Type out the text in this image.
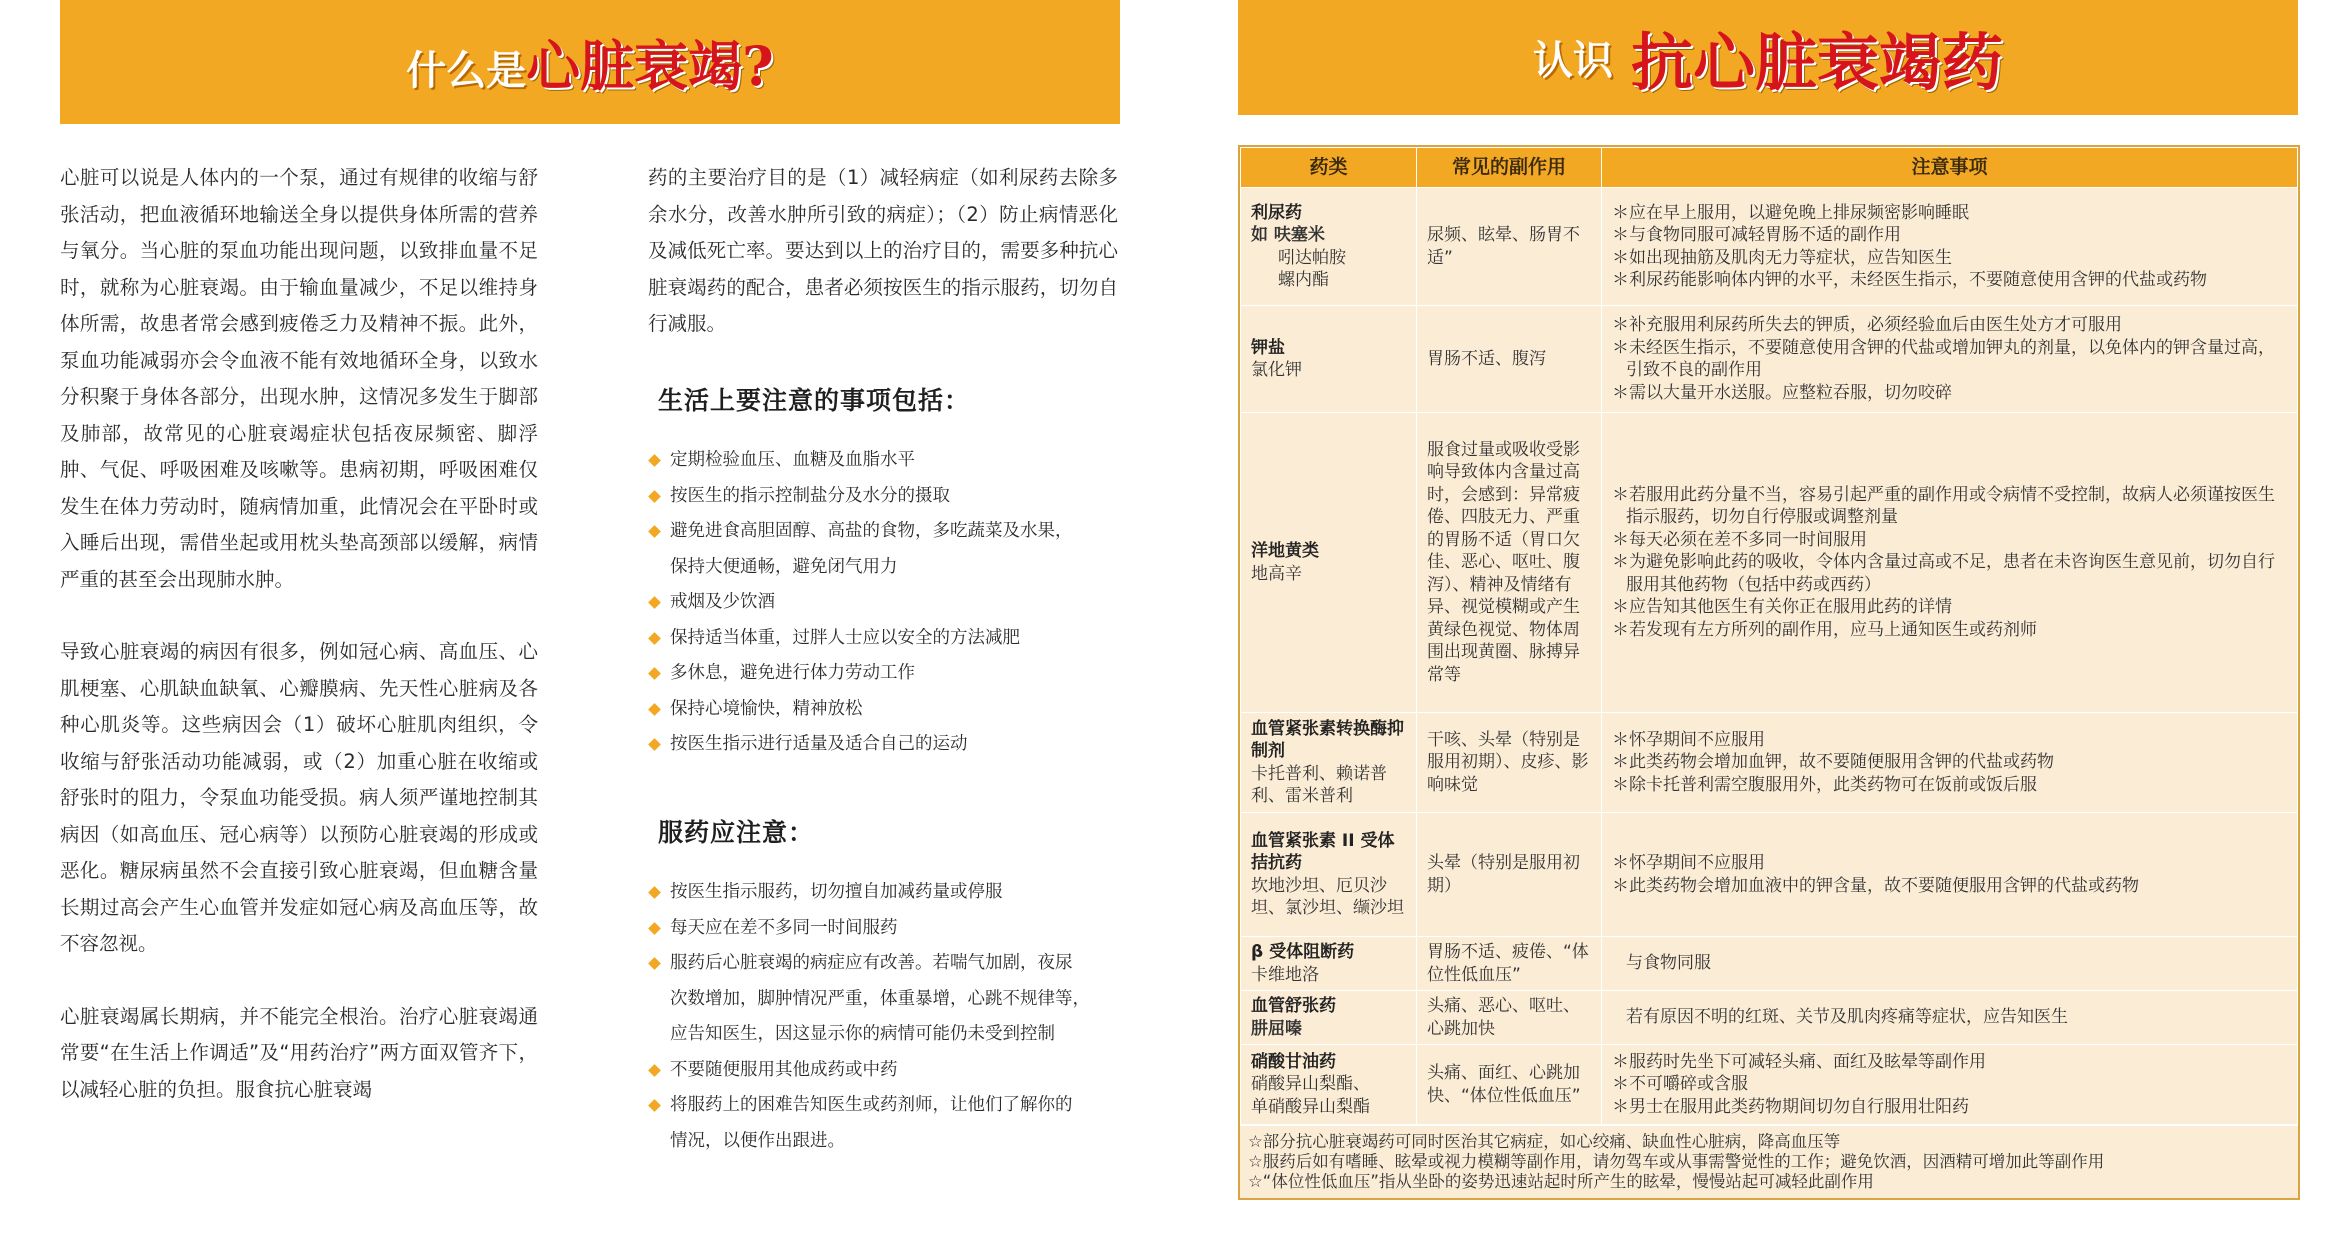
什么是 心脏衰竭?

心脏可以说是人体内的一个泵，通过有规律的收缩与舒张活动，把血液循环地输送全身以提供身体所需的营养与氧分。当心脏的泵血功能出现问题，以致排血量不足时，就称为心脏衰竭。由于输血量减少，不足以维持身体所需，故患者常会感到疲倦乏力及精神不振。此外，泵血功能减弱亦会令血液不能有效地循环全身，以致水分积聚于身体各部分，出现水肿，这情况多发生于脚部及肺部，故常见的心脏衰竭症状包括夜尿频密、脚浮肿、气促、呼吸困难及咳嗽等。患病初期，呼吸困难仅发生在体力劳动时，随病情加重，此情况会在平卧时或入睡后出现，需借坐起或用枕头垫高颈部以缓解，病情严重的甚至会出现肺水肿。

导致心脏衰竭的病因有很多，例如冠心病、高血压、心肌梗塞、心肌缺血缺氧、心瓣膜病、先天性心脏病及各种心肌炎等。这些病因会（1）破坏心脏肌肉组织，令收缩与舒张活动功能减弱，或（2）加重心脏在收缩或舒张时的阻力，令泵血功能受损。病人须严谨地控制其病因（如高血压、冠心病等）以预防心脏衰竭的形成或恶化。糖尿病虽然不会直接引致心脏衰竭，但血糖含量长期过高会产生心血管并发症如冠心病及高血压等，故不容忽视。

心脏衰竭属长期病，并不能完全根治。治疗心脏衰竭通常要“在生活上作调适”及“用药治疗”两方面双管齐下，以减轻心脏的负担。服食抗心脏衰竭

药的主要治疗目的是（1）减轻病症（如利尿药去除多余水分，改善水肿所引致的病症）；（2）防止病情恶化及减低死亡率。要达到以上的治疗目的，需要多种抗心脏衰竭药的配合，患者必须按医生的指示服药，切勿自行减服。

生活上要注意的事项包括：
定期检验血压、血糖及血脂水平
按医生的指示控制盐分及水分的摄取
避免进食高胆固醇、高盐的食物，多吃蔬菜及水果，
保持大便通畅，避免闭气用力
戒烟及少饮酒
保持适当体重，过胖人士应以安全的方法减肥
多休息，避免进行体力劳动工作
保持心境愉快，精神放松
按医生指示进行适量及适合自己的运动
服药应注意：
按医生指示服药，切勿擅自加减药量或停服
每天应在差不多同一时间服药
服药后心脏衰竭的病症应有改善。若喘气加剧，夜尿
次数增加，脚肿情况严重，体重暴增，心跳不规律等，
应告知医生，因这显示你的病情可能仍未受到控制
不要随便服用其他成药或中药
将服药上的困难告知医生或药剂师，让他们了解你的
情况，以便作出跟进。
认识 抗心脏衰竭药
药类	常见的副作用	注意事项

利尿药
如 呋塞米
吲达帕胺
螺内酯	尿频、眩晕、肠胃不适”	＊应在早上服用，以避免晚上排尿频密影响睡眠
＊与食物同服可减轻胃肠不适的副作用
＊如出现抽筋及肌肉无力等症状，应告知医生
＊利尿药能影响体内钾的水平，未经医生指示，不要随意使用含钾的代盐或药物

钾盐
氯化钾	胃肠不适、腹泻	＊补充服用利尿药所失去的钾质，必须经验血后由医生处方才可服用
＊未经医生指示，不要随意使用含钾的代盐或增加钾丸的剂量，以免体内的钾含量过高，引致不良的副作用
＊需以大量开水送服。应整粒吞服，切勿咬碎

洋地黄类
地高辛	服食过量或吸收受影响导致体内含量过高时，会感到：异常疲倦、四肢无力、严重的胃肠不适（胃口欠佳、恶心、呕吐、腹泻）、精神及情绪有异、视觉模糊或产生黄绿色视觉、物体周围出现黄圈、脉搏异常等	＊若服用此药分量不当，容易引起严重的副作用或令病情不受控制，故病人必须谨按医生指示服药，切勿自行停服或调整剂量
＊每天必须在差不多同一时间服用
＊为避免影响此药的吸收，令体内含量过高或不足，患者在未咨询医生意见前，切勿自行服用其他药物（包括中药或西药）
＊应告知其他医生有关你正在服用此药的详情
＊若发现有左方所列的副作用，应马上通知医生或药剂师

血管紧张素转换酶抑制剂
卡托普利、赖诺普利、雷米普利	干咳、头晕（特别是服用初期）、皮疹、影响味觉	＊怀孕期间不应服用
＊此类药物会增加血钾，故不要随便服用含钾的代盐或药物
＊除卡托普利需空腹服用外，此类药物可在饭前或饭后服

血管紧张素 II 受体拮抗药
坎地沙坦、厄贝沙坦、氯沙坦、缬沙坦	头晕（特别是服用初期）	＊怀孕期间不应服用
＊此类药物会增加血液中的钾含量，故不要随便服用含钾的代盐或药物

β 受体阻断药
卡维地洛	胃肠不适、疲倦、“体位性低血压”	与食物同服

血管舒张药
肼屈嗪	头痛、恶心、呕吐、心跳加快	若有原因不明的红斑、关节及肌肉疼痛等症状，应告知医生

硝酸甘油药
硝酸异山梨酯、
单硝酸异山梨酯	头痛、面红、心跳加快、“体位性低血压”	＊服药时先坐下可减轻头痛、面红及眩晕等副作用
＊不可嚼碎或含服
＊男士在服用此类药物期间切勿自行服用壮阳药
☆部分抗心脏衰竭药可同时医治其它病症，如心绞痛、缺血性心脏病，降高血压等
☆服药后如有嗜睡、眩晕或视力模糊等副作用，请勿驾车或从事需警觉性的工作；避免饮酒，因酒精可增加此等副作用
☆“体位性低血压”指从坐卧的姿势迅速站起时所产生的眩晕，慢慢站起可减轻此副作用
